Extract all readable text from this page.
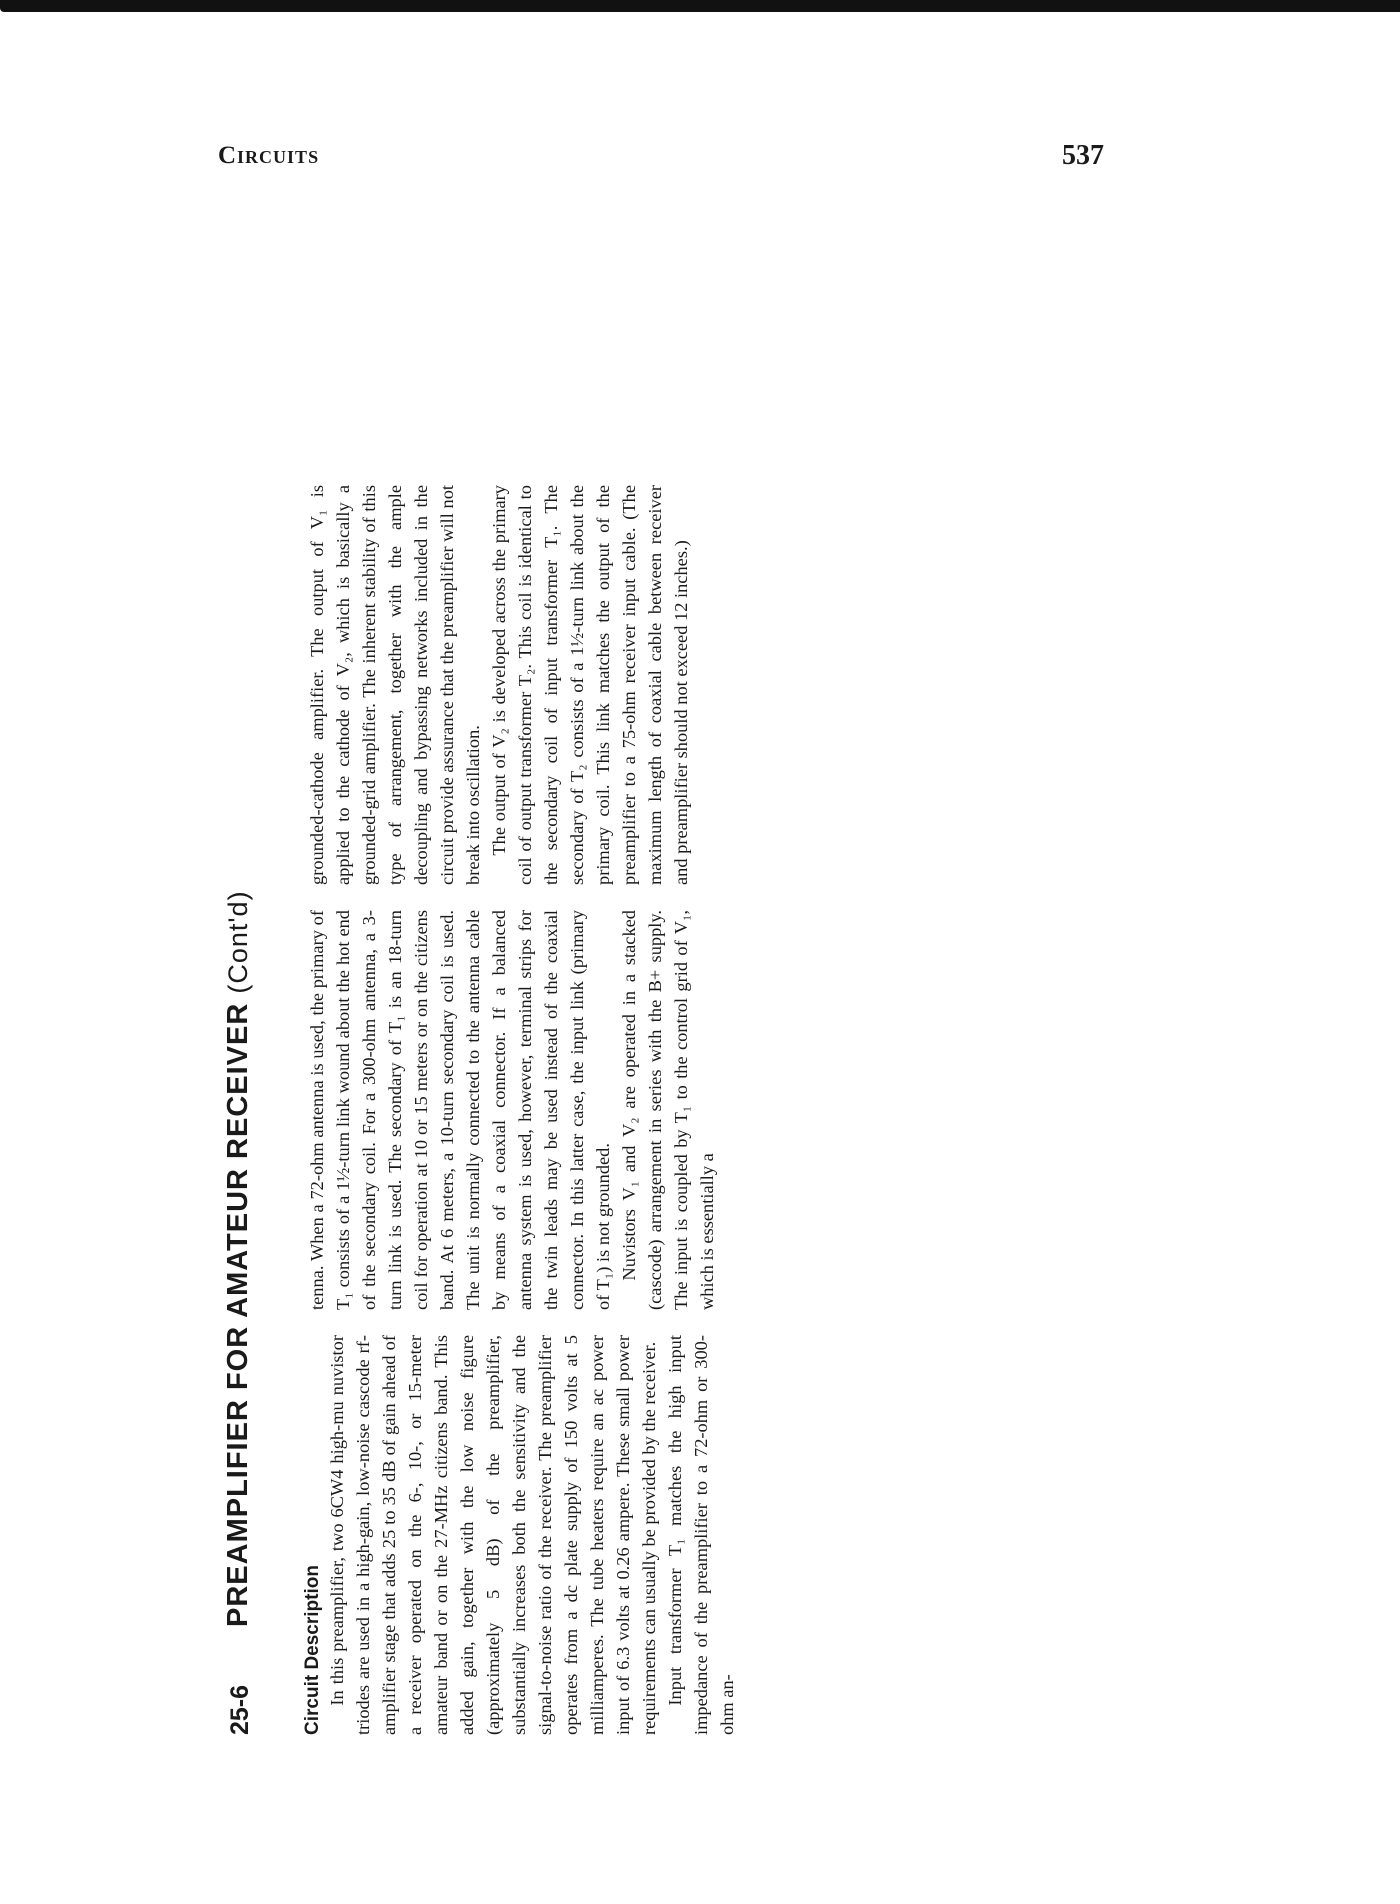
Circuits	537
25-6
PREAMPLIFIER FOR AMATEUR RECEIVER (Cont'd)
Circuit Description In this preamplifier, two 6CW4 high-mu nuvistor triodes are used in a high-gain, low-noise cascode rf-amplifier stage that adds 25 to 35 dB of gain ahead of a receiver operated on the 6-, 10-, or 15-meter amateur band or on the 27-MHz citizens band. This added gain, together with the low noise figure (approximately 5 dB) of the preamplifier, substantially increases both the sensitivity and the signal-to-noise ratio of the receiver. The preamplifier operates from a dc plate supply of 150 volts at 5 milliamperes. The tube heaters require an ac power input of 6.3 volts at 0.26 ampere. These small power requirements can usually be provided by the receiver. Input transformer T₁ matches the high input impedance of the preamplifier to a 72-ohm or 300-ohm an-

tenna. When a 72-ohm antenna is used, the primary of T₁ consists of a 1½-turn link wound about the hot end of the secondary coil. For a 300-ohm antenna, a 3-turn link is used. The secondary of T₁ is an 18-turn coil for operation at 10 or 15 meters or on the citizens band. At 6 meters, a 10-turn secondary coil is used. The unit is normally connected to the antenna cable by means of a coaxial connector. If a balanced antenna system is used, however, terminal strips for the twin leads may be used instead of the coaxial connector. In this latter case, the input link (primary of T₁) is not grounded. Nuvistors V₁ and V₂ are operated in a stacked (cascode) arrangement in series with the B+ supply. The input is coupled by T₁ to the control grid of V₁, which is essentially a

grounded-cathode amplifier. The output of V₁ is applied to the cathode of V₂, which is basically a grounded-grid amplifier. The inherent stability of this type of arrangement, together with the ample decoupling and bypassing networks included in the circuit provide assurance that the preamplifier will not break into oscillation. The output of V₂ is developed across the primary coil of output transformer T₂. This coil is identical to the secondary coil of input transformer T₁. The secondary of T₂ consists of a 1½-turn link about the primary coil. This link matches the output of the preamplifier to a 75-ohm receiver input cable. (The maximum length of coaxial cable between receiver and preamplifier should not exceed 12 inches.)
